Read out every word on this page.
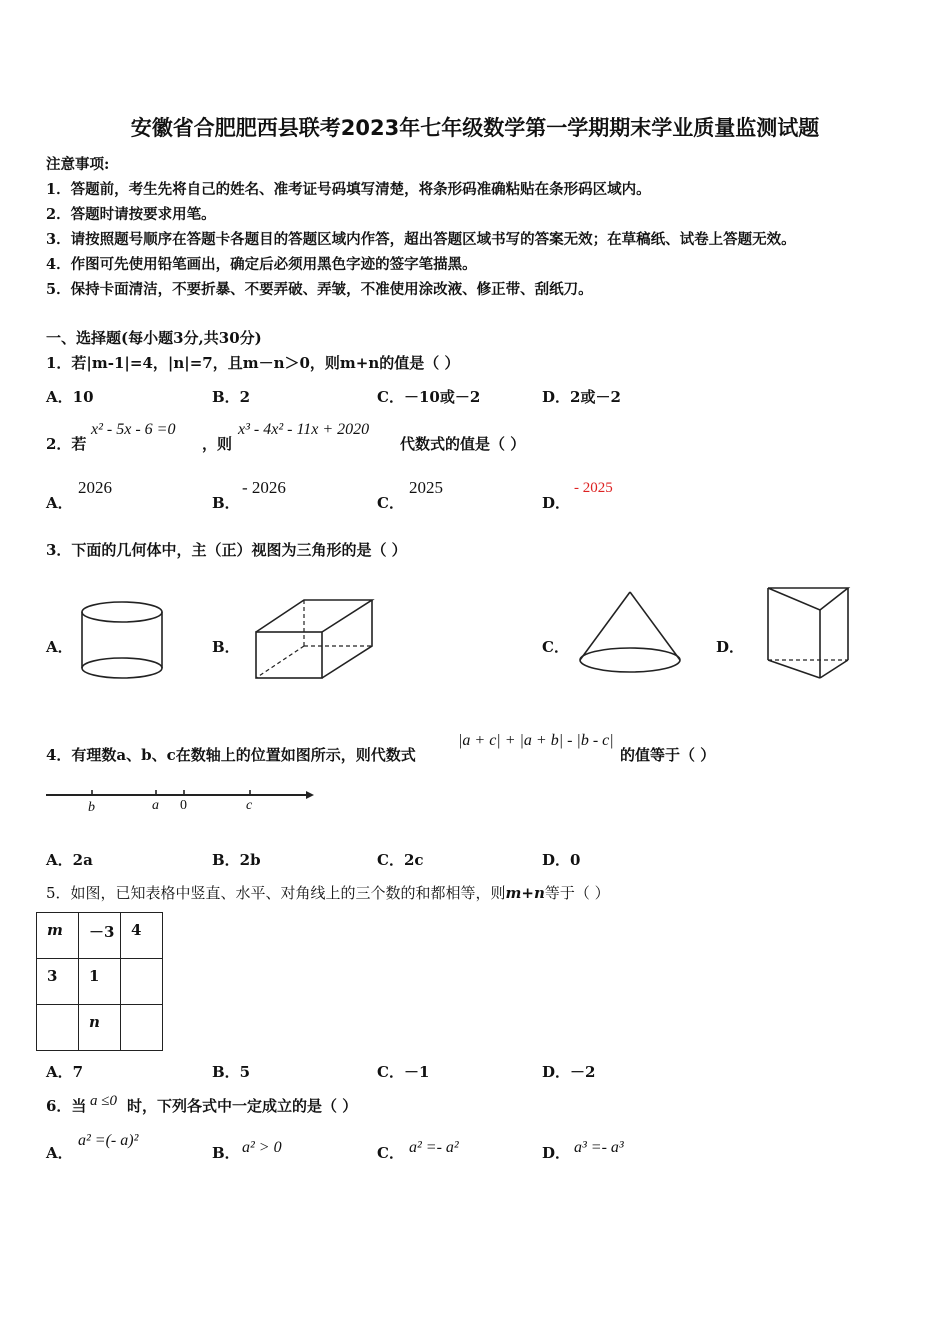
安徽省合肥肥西县联考2023年七年级数学第一学期期末学业质量监测试题
注意事项:
1．答题前，考生先将自己的姓名、准考证号码填写清楚，将条形码准确粘贴在条形码区域内。
2．答题时请按要求用笔。
3．请按照题号顺序在答题卡各题目的答题区域内作答，超出答题区域书写的答案无效；在草稿纸、试卷上答题无效。
4．作图可先使用铅笔画出，确定后必须用黑色字迹的签字笔描黑。
5．保持卡面清洁，不要折暴、不要弄破、弄皱，不准使用涂改液、修正带、刮纸刀。
一、选择题(每小题3分,共30分)
1．若|m-1|=4，|n|=7，且m－n＞0，则m+n的值是（ ）
A．10	B．2	C．－10或－2	D．2或－2
2．若
x² - 5x - 6 =0
，则
x³ - 4x² - 11x + 2020
代数式的值是（ ）
A．
2026
B．
- 2026
C．
2025
D．
- 2025
3．下面的几何体中，主（正）视图为三角形的是（ ）
A．	B．	C．	D．
4．有理数a、b、c在数轴上的位置如图所示，则代数式
|a + c| + |a + b| - |b - c|
的值等于（ ）
b	a 0	c
A．2a	B．2b	C．2c	D．0
5．如图，已知表格中竖直、水平、对角线上的三个数的和都相等，则m+n等于（ ）
m	－3	4
3	1	
	n	
A．7	B．5	C．－1	D．－2
6．当 a ≤0 时，下列各式中一定成立的是（ ）
A．
a² =(- a)²
B． a² > 0	C． a² =- a²	D． a³ =- a³
